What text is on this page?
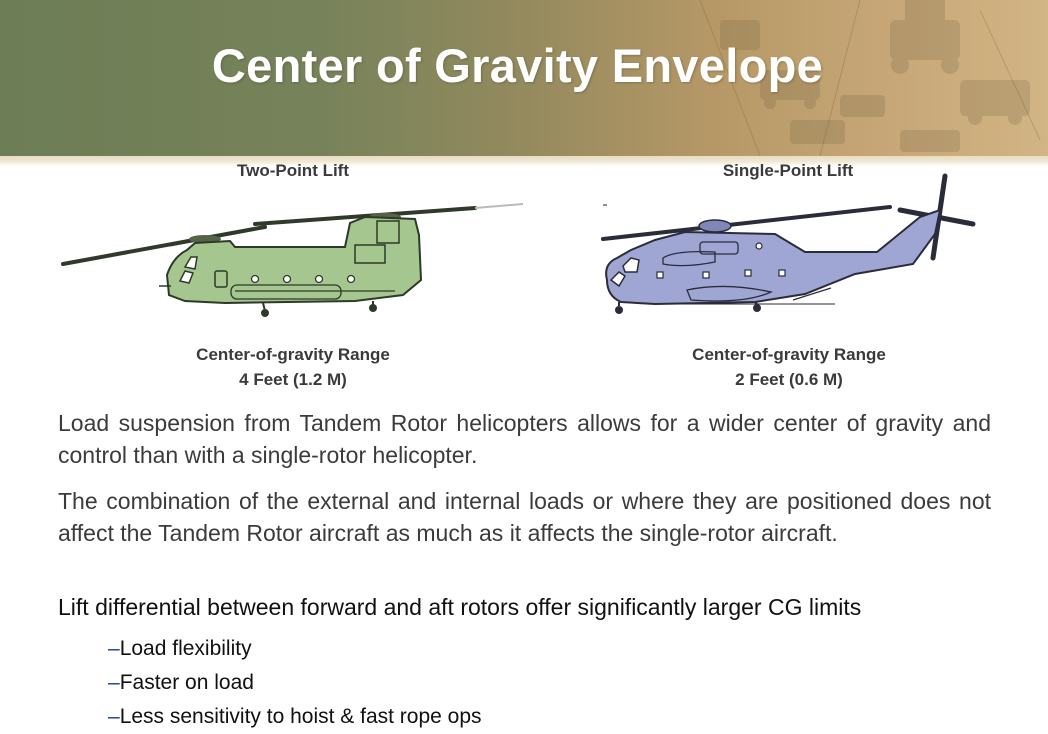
Center of Gravity Envelope
Two-Point Lift
Center-of-gravity Range
4 Feet (1.2 M)
Single-Point Lift
Center-of-gravity Range
2 Feet (0.6 M)
Load suspension from Tandem Rotor helicopters allows for a wider center of gravity and control than with a single-rotor helicopter.
The combination of the external and internal loads or where they are positioned does not affect the Tandem Rotor aircraft as much as it affects the single-rotor aircraft.
Lift differential between forward and aft rotors offer significantly larger CG limits
–Load flexibility
–Faster on load
–Less sensitivity to hoist & fast rope ops
